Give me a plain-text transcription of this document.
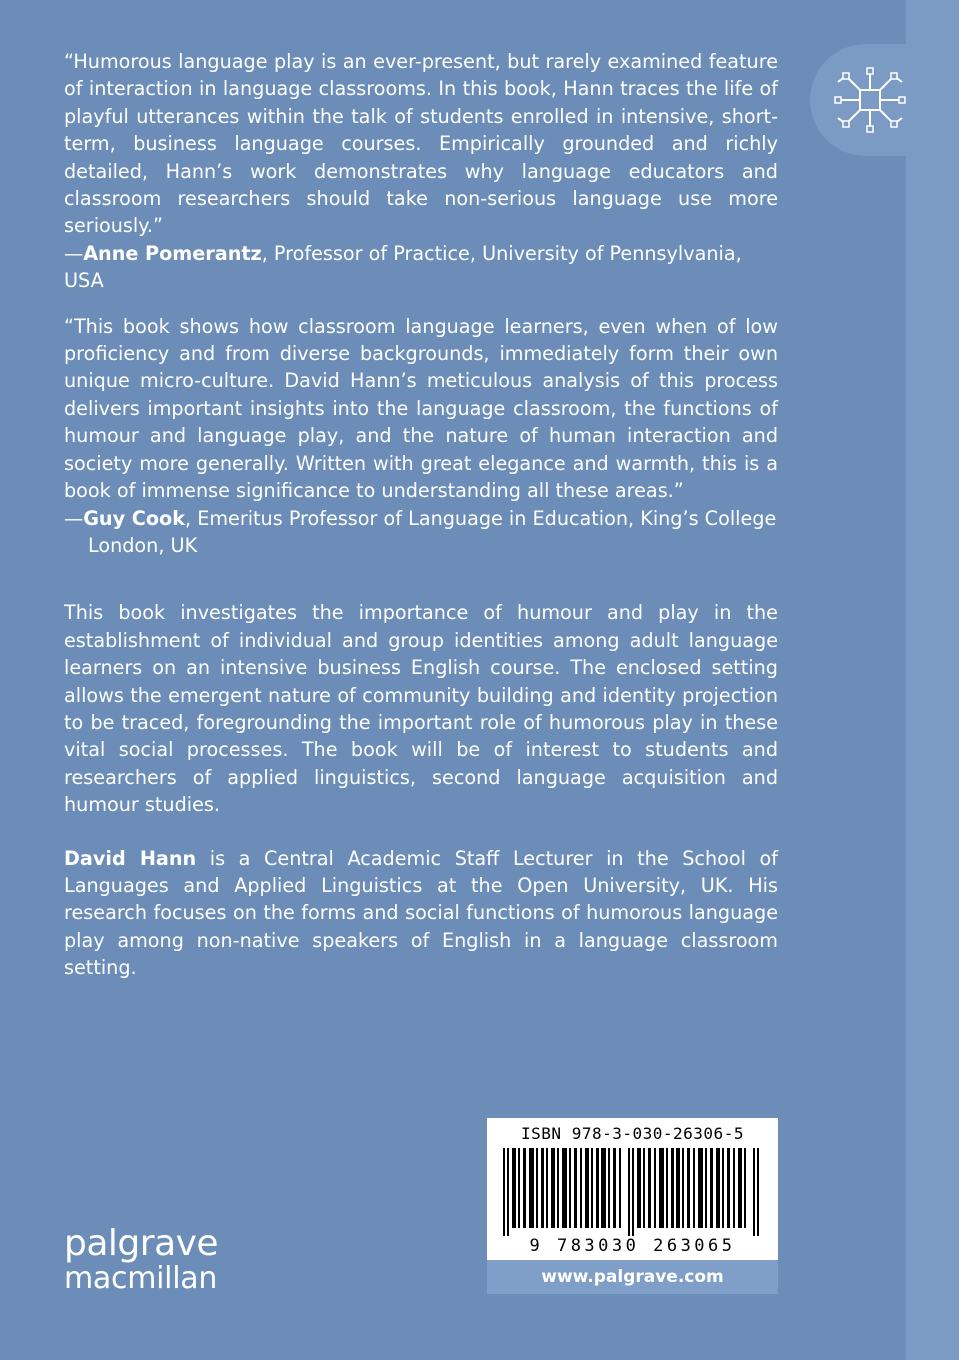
“Humorous language play is an ever-present, but rarely examined feature of interaction in language classrooms. In this book, Hann traces the life of playful utterances within the talk of students enrolled in intensive, short-term, business language courses. Empirically grounded and richly detailed, Hann’s work demonstrates why language educators and classroom researchers should take non-serious language use more seriously.”

—Anne Pomerantz, Professor of Practice, University of Pennsylvania, USA

“This book shows how classroom language learners, even when of low proficiency and from diverse backgrounds, immediately form their own unique micro-culture. David Hann’s meticulous analysis of this process delivers important insights into the language classroom, the functions of humour and language play, and the nature of human interaction and society more generally. Written with great elegance and warmth, this is a book of immense significance to understanding all these areas.”

—Guy Cook, Emeritus Professor of Language in Education, King’s College London, UK

This book investigates the importance of humour and play in the establishment of individual and group identities among adult language learners on an intensive business English course. The enclosed setting allows the emergent nature of community building and identity projection to be traced, foregrounding the important role of humorous play in these vital social processes. The book will be of interest to students and researchers of applied linguistics, second language acquisition and humour studies.

David Hann is a Central Academic Staff Lecturer in the School of Languages and Applied Linguistics at the Open University, UK. His research focuses on the forms and social functions of humorous language play among non-native speakers of English in a language classroom setting.

palgrave
macmillan
ISBN 978-3-030-26306-5
9 783030 263065
www.palgrave.com
